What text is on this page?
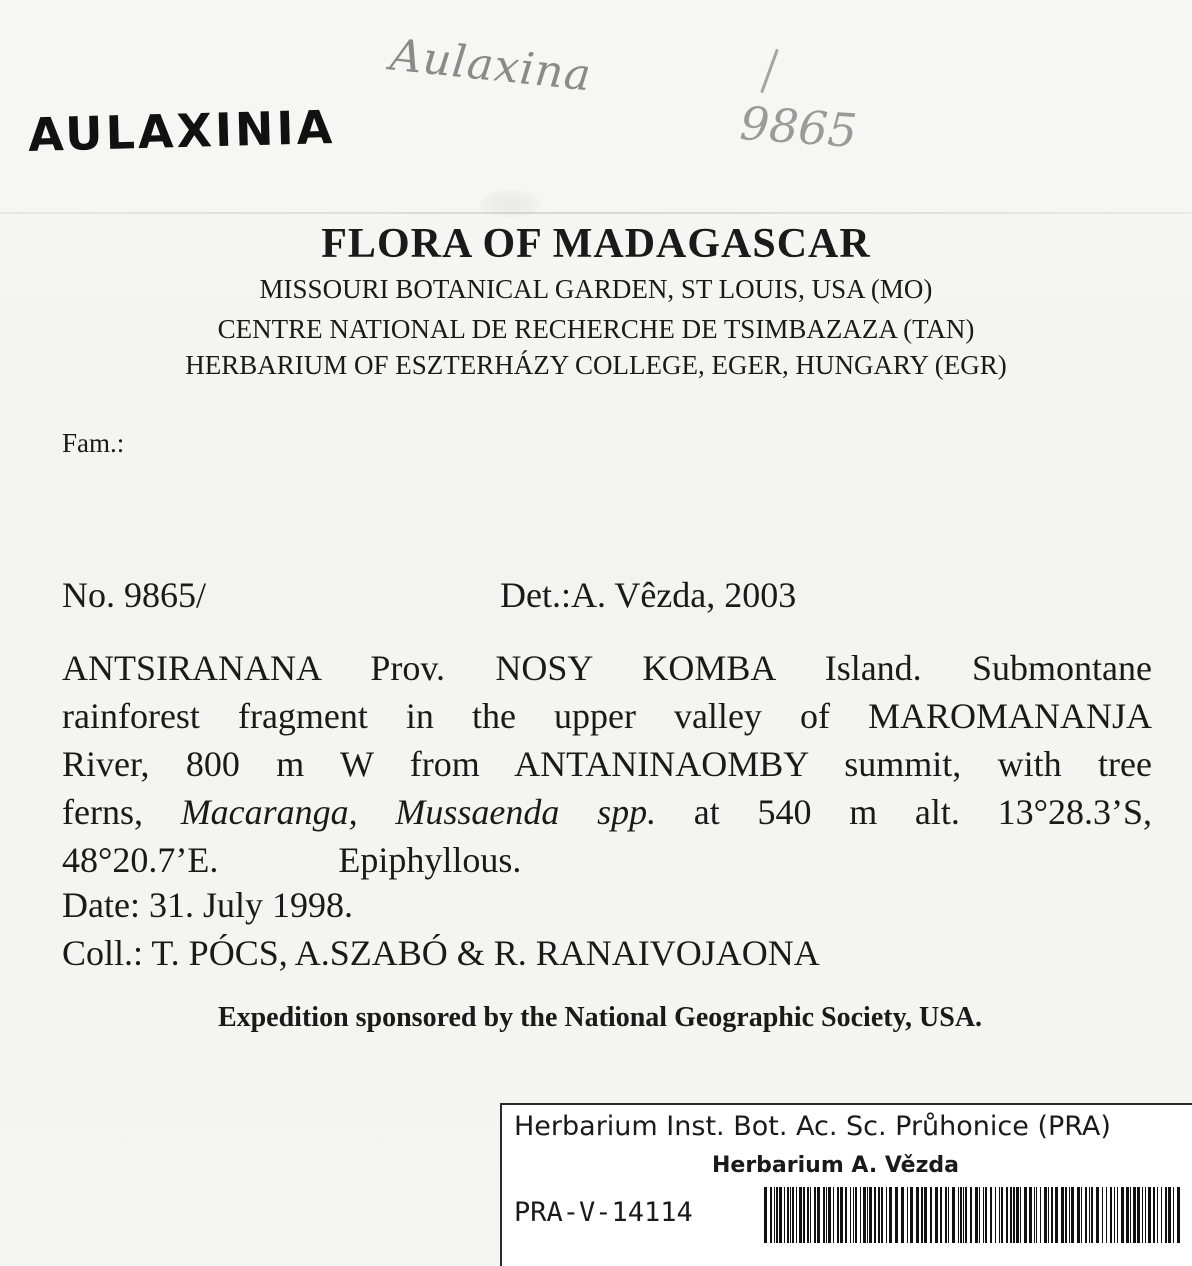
AULAXINIA
Aulaxina
9865
FLORA OF MADAGASCAR
MISSOURI BOTANICAL GARDEN, ST LOUIS, USA (MO)
CENTRE NATIONAL DE RECHERCHE DE TSIMBAZAZA (TAN)
HERBARIUM OF ESZTERHÁZY COLLEGE, EGER, HUNGARY (EGR)
Fam.:
No. 9865/	Det.:A. Vêzda, 2003
ANTSIRANANA Prov. NOSY KOMBA Island. Submontane
rainforest fragment in the upper valley of MAROMANANJA
River, 800 m W from ANTANINAOMBY summit, with tree
ferns, Macaranga, Mussaenda spp. at 540 m alt. 13°28.3’S,
48°20.7’E.	Epiphyllous.
Date: 31. July 1998.
Coll.: T. PÓCS, A.SZABÓ & R. RANAIVOJAONA
Expedition sponsored by the National Geographic Society, USA.
Herbarium Inst. Bot. Ac. Sc. Průhonice (PRA)
Herbarium A. Vězda
PRA-V-14114
